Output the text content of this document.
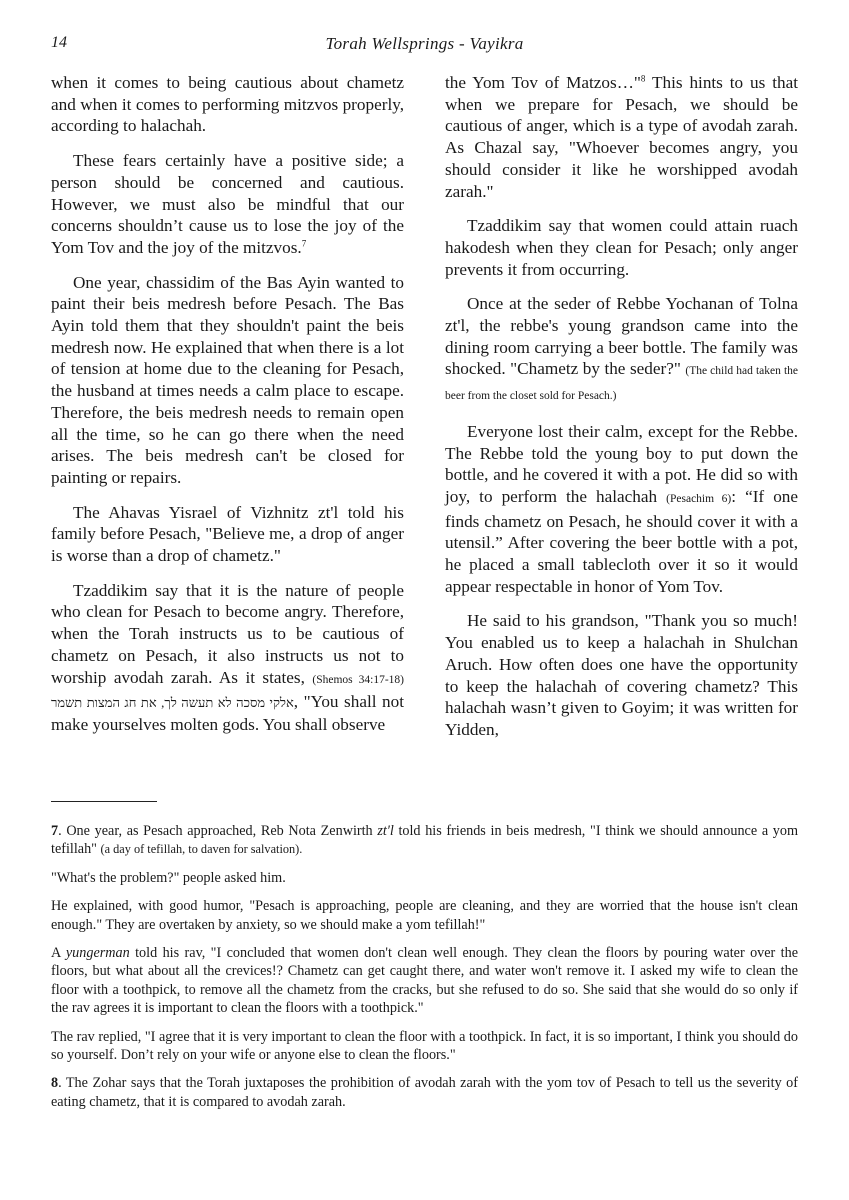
14	Torah Wellsprings - Vayikra

when it comes to being cautious about chametz and when it comes to performing mitzvos properly, according to halachah.

These fears certainly have a positive side; a person should be concerned and cautious. However, we must also be mindful that our concerns shouldn’t cause us to lose the joy of the Yom Tov and the joy of the mitzvos.$^7$

One year, chassidim of the Bas Ayin wanted to paint their beis medresh before Pesach. The Bas Ayin told them that they shouldn't paint the beis medresh now. He explained that when there is a lot of tension at home due to the cleaning for Pesach, the husband at times needs a calm place to escape. Therefore, the beis medresh needs to remain open all the time, so he can go there when the need arises. The beis medresh can't be closed for painting or repairs.

The Ahavas Yisrael of Vizhnitz zt'l told his family before Pesach, "Believe me, a drop of anger is worse than a drop of chametz."

Tzaddikim say that it is the nature of people who clean for Pesach to become angry. Therefore, when the Torah instructs us to be cautious of chametz on Pesach, it also instructs us not to worship avodah zarah. As it states, (Shemos 34:17-18) אלקי מסכה לא תעשה לך, את חג המצות תשמר, "You shall not make yourselves molten gods. You shall observe

the Yom Tov of Matzos…"$^8$ This hints to us that when we prepare for Pesach, we should be cautious of anger, which is a type of avodah zarah. As Chazal say, "Whoever becomes angry, you should consider it like he worshipped avodah zarah."

Tzaddikim say that women could attain ruach hakodesh when they clean for Pesach; only anger prevents it from occurring.

Once at the seder of Rebbe Yochanan of Tolna zt'l, the rebbe's young grandson came into the dining room carrying a beer bottle. The family was shocked. "Chametz by the seder?" (The child had taken the beer from the closet sold for Pesach.)

Everyone lost their calm, except for the Rebbe. The Rebbe told the young boy to put down the bottle, and he covered it with a pot. He did so with joy, to perform the halachah (Pesachim 6): “If one finds chametz on Pesach, he should cover it with a utensil.” After covering the beer bottle with a pot, he placed a small tablecloth over it so it would appear respectable in honor of Yom Tov.

He said to his grandson, "Thank you so much! You enabled us to keep a halachah in Shulchan Aruch. How often does one have the opportunity to keep the halachah of covering chametz? This halachah wasn’t given to Goyim; it was written for Yidden,

7. One year, as Pesach approached, Reb Nota Zenwirth zt'l told his friends in beis medresh, "I think we should announce a yom tefillah" (a day of tefillah, to daven for salvation).

"What's the problem?" people asked him.

He explained, with good humor, "Pesach is approaching, people are cleaning, and they are worried that the house isn't clean enough." They are overtaken by anxiety, so we should make a yom tefillah!"

A yungerman told his rav, "I concluded that women don't clean well enough. They clean the floors by pouring water over the floors, but what about all the crevices!? Chametz can get caught there, and water won't remove it. I asked my wife to clean the floor with a toothpick, to remove all the chametz from the cracks, but she refused to do so. She said that she would do so only if the rav agrees it is important to clean the floors with a toothpick."

The rav replied, "I agree that it is very important to clean the floor with a toothpick. In fact, it is so important, I think you should do so yourself. Don’t rely on your wife or anyone else to clean the floors."

8. The Zohar says that the Torah juxtaposes the prohibition of avodah zarah with the yom tov of Pesach to tell us the severity of eating chametz, that it is compared to avodah zarah.
